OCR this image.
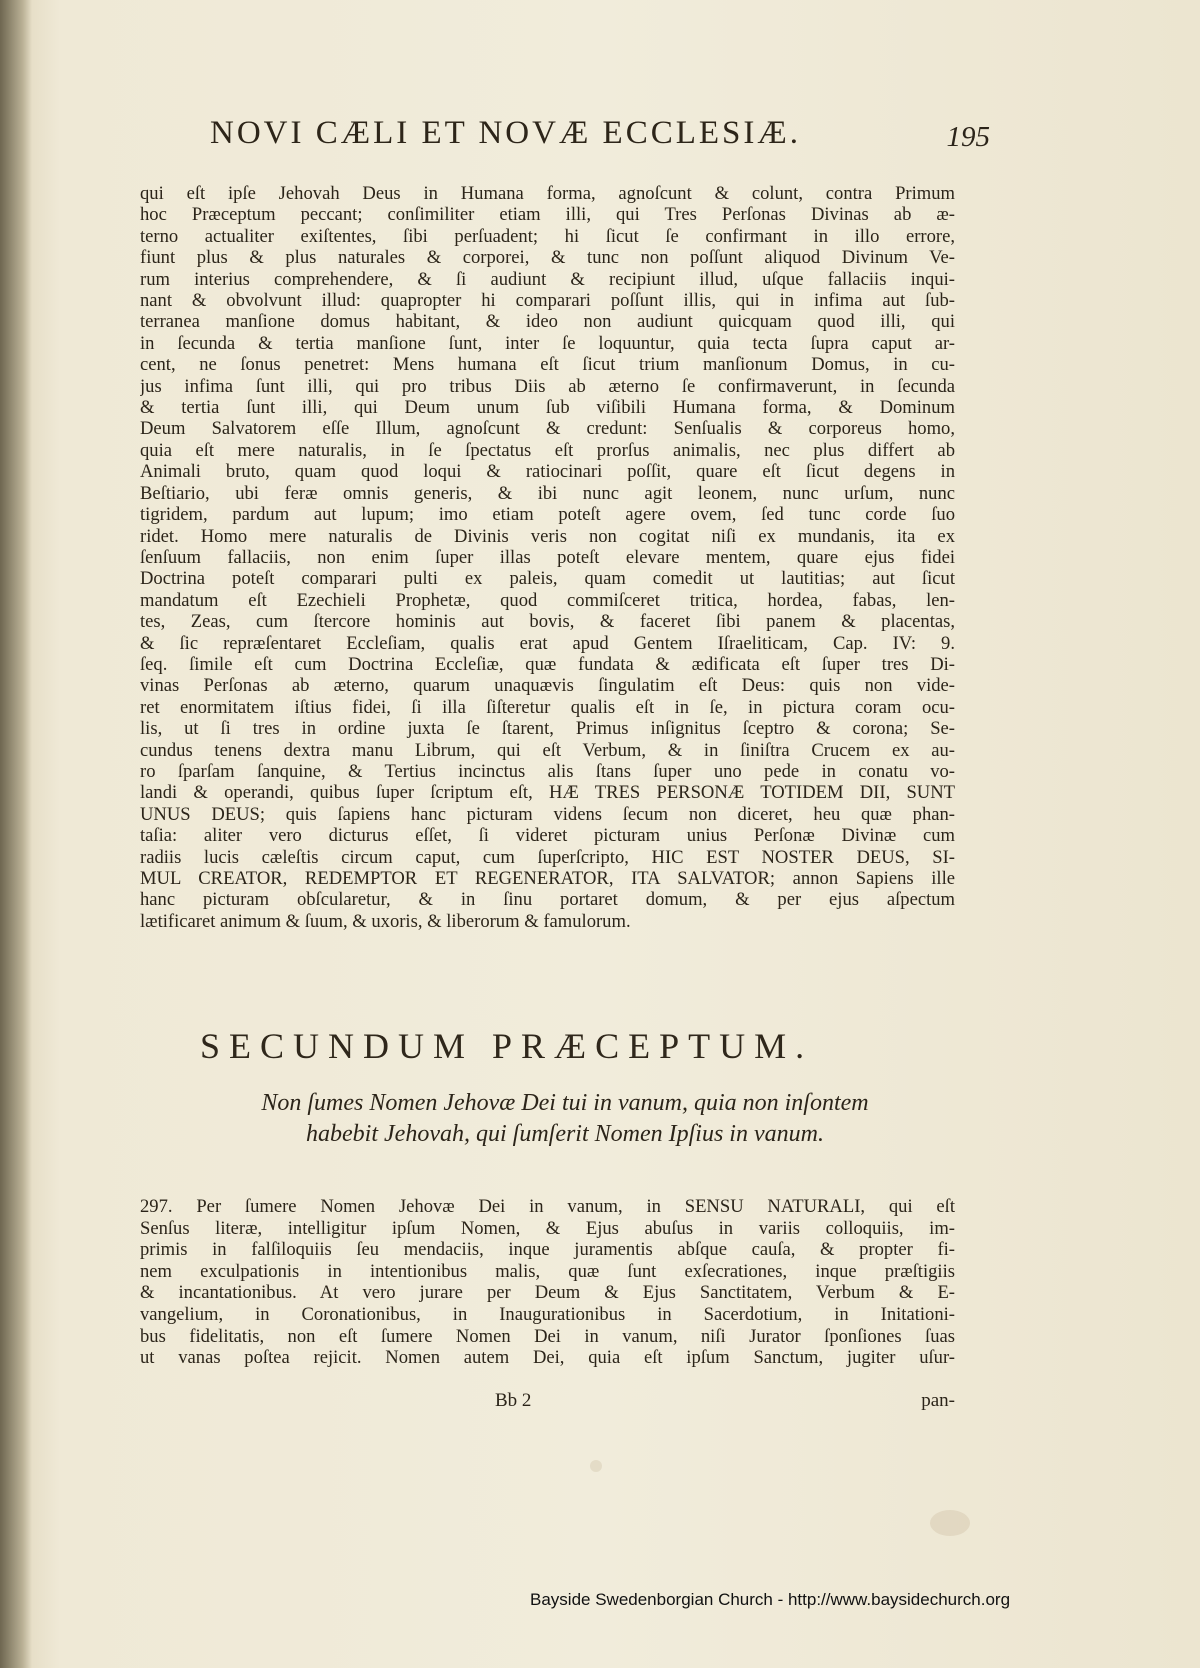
NOVI CÆLI ET NOVÆ ECCLESIÆ.	195
qui eſt ipſe Jehovah Deus in Humana forma, agnoſcunt & colunt, contra Primum
hoc Præceptum peccant; conſimiliter etiam illi, qui Tres Perſonas Divinas ab æ-
terno actualiter exiſtentes, ſibi perſuadent; hi ſicut ſe confirmant in illo errore,
fiunt plus & plus naturales & corporei, & tunc non poſſunt aliquod Divinum Ve-
rum interius comprehendere, & ſi audiunt & recipiunt illud, uſque fallaciis inqui-
nant & obvolvunt illud: quapropter hi comparari poſſunt illis, qui in infima aut ſub-
terranea manſione domus habitant, & ideo non audiunt quicquam quod illi, qui
in ſecunda & tertia manſione ſunt, inter ſe loquuntur, quia tecta ſupra caput ar-
cent, ne ſonus penetret: Mens humana eſt ſicut trium manſionum Domus, in cu-
jus infima ſunt illi, qui pro tribus Diis ab æterno ſe confirmaverunt, in ſecunda
& tertia ſunt illi, qui Deum unum ſub viſibili Humana forma, & Dominum
Deum Salvatorem eſſe Illum, agnoſcunt & credunt: Senſualis & corporeus homo,
quia eſt mere naturalis, in ſe ſpectatus eſt prorſus animalis, nec plus differt ab
Animali bruto, quam quod loqui & ratiocinari poſſit, quare eſt ſicut degens in
Beſtiario, ubi feræ omnis generis, & ibi nunc agit leonem, nunc urſum, nunc
tigridem, pardum aut lupum; imo etiam poteſt agere ovem, ſed tunc corde ſuo
ridet. Homo mere naturalis de Divinis veris non cogitat niſi ex mundanis, ita ex
ſenſuum fallaciis, non enim ſuper illas poteſt elevare mentem, quare ejus fidei
Doctrina poteſt comparari pulti ex paleis, quam comedit ut lautitias; aut ſicut
mandatum eſt Ezechieli Prophetæ, quod commiſceret tritica, hordea, fabas, len-
tes, Zeas, cum ſtercore hominis aut bovis, & faceret ſibi panem & placentas,
& ſic repræſentaret Eccleſiam, qualis erat apud Gentem Iſraeliticam, Cap. IV: 9.
ſeq. ſimile eſt cum Doctrina Eccleſiæ, quæ fundata & ædificata eſt ſuper tres Di-
vinas Perſonas ab æterno, quarum unaquævis ſingulatim eſt Deus: quis non vide-
ret enormitatem iſtius fidei, ſi illa ſiſteretur qualis eſt in ſe, in pictura coram ocu-
lis, ut ſi tres in ordine juxta ſe ſtarent, Primus inſignitus ſceptro & corona; Se-
cundus tenens dextra manu Librum, qui eſt Verbum, & in ſiniſtra Crucem ex au-
ro ſparſam ſanquine, & Tertius incinctus alis ſtans ſuper uno pede in conatu vo-
landi & operandi, quibus ſuper ſcriptum eſt, HÆ TRES PERSONÆ TOTIDEM DII, SUNT
UNUS DEUS; quis ſapiens hanc picturam videns ſecum non diceret, heu quæ phan-
taſia: aliter vero dicturus eſſet, ſi videret picturam unius Perſonæ Divinæ cum
radiis lucis cæleſtis circum caput, cum ſuperſcripto, HIC EST NOSTER DEUS, SI-
MUL CREATOR, REDEMPTOR ET REGENERATOR, ITA SALVATOR; annon Sapiens ille
hanc picturam obſcularetur, & in ſinu portaret domum, & per ejus aſpectum
lætificaret animum & ſuum, & uxoris, & liberorum & famulorum.
SECUNDUM PRÆCEPTUM.
Non ſumes Nomen Jehovæ Dei tui in vanum, quia non inſontem
habebit Jehovah, qui ſumſerit Nomen Ipſius in vanum.
297. Per ſumere Nomen Jehovæ Dei in vanum, in SENSU NATURALI, qui eſt
Senſus literæ, intelligitur ipſum Nomen, & Ejus abuſus in variis colloquiis, im-
primis in falſiloquiis ſeu mendaciis, inque juramentis abſque cauſa, & propter fi-
nem exculpationis in intentionibus malis, quæ ſunt exſecrationes, inque præſtigiis
& incantationibus. At vero jurare per Deum & Ejus Sanctitatem, Verbum & E-
vangelium, in Coronationibus, in Inaugurationibus in Sacerdotium, in Initationi-
bus fidelitatis, non eſt ſumere Nomen Dei in vanum, niſi Jurator ſponſiones ſuas
ut vanas poſtea rejicit. Nomen autem Dei, quia eſt ipſum Sanctum, jugiter uſur-
Bb 2	pan-
Bayside Swedenborgian Church - http://www.baysidechurch.org
